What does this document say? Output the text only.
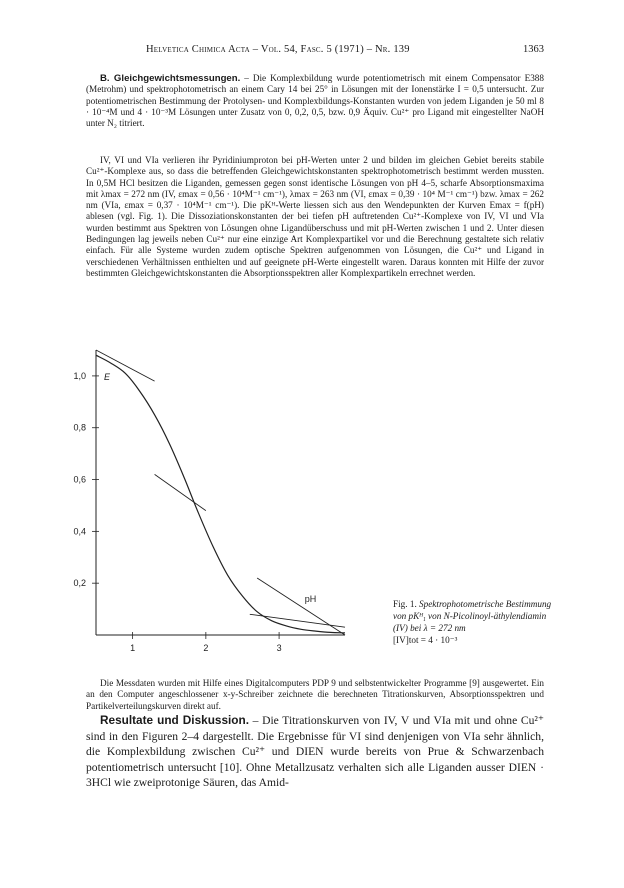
Helvetica Chimica Acta – Vol. 54, Fasc. 5 (1971) – Nr. 139	1363

B. Gleichgewichtsmessungen. – Die Komplexbildung wurde potentiometrisch mit einem Compensator E388 (Metrohm) und spektrophotometrisch an einem Cary 14 bei 25° in Lösungen mit der Ionenstärke I = 0,5 untersucht. Zur potentiometrischen Bestimmung der Protolysen- und Komplexbildungs-Konstanten wurden von jedem Liganden je 50 ml 8 · 10⁻⁴M und 4 · 10⁻³M Lösungen unter Zusatz von 0, 0,2, 0,5, bzw. 0,9 Äquiv. Cu²⁺ pro Ligand mit eingestellter NaOH unter N₂ titriert.

IV, VI und VIa verlieren ihr Pyridiniumproton bei pH-Werten unter 2 und bilden im gleichen Gebiet bereits stabile Cu²⁺-Komplexe aus, so dass die betreffenden Gleichgewichtskonstanten spektrophotometrisch bestimmt werden mussten. In 0,5M HCl besitzen die Liganden, gemessen gegen sonst identische Lösungen von pH 4–5, scharfe Absorptionsmaxima mit λmax = 272 nm (IV, εmax = 0,56 · 10⁴M⁻¹ cm⁻¹), λmax = 263 nm (VI, εmax = 0,39 · 10⁴ M⁻¹ cm⁻¹) bzw. λmax = 262 nm (VIa, εmax = 0,37 · 10⁴M⁻¹ cm⁻¹). Die pKᴴ-Werte liessen sich aus den Wendepunkten der Kurven Emax = f(pH) ablesen (vgl. Fig. 1). Die Dissoziationskonstanten der bei tiefen pH auftretenden Cu²⁺-Komplexe von IV, VI und VIa wurden bestimmt aus Spektren von Lösungen ohne Ligandüberschuss und mit pH-Werten zwischen 1 und 2. Unter diesen Bedingungen lag jeweils neben Cu²⁺ nur eine einzige Art Komplexpartikel vor und die Berechnung gestaltete sich relativ einfach. Für alle Systeme wurden zudem optische Spektren aufgenommen von Lösungen, die Cu²⁺ und Ligand in verschiedenen Verhältnissen enthielten und auf geeignete pH-Werte eingestellt waren. Daraus konnten mit Hilfe der zuvor bestimmten Gleichgewichtskonstanten die Absorptionsspektren aller Komplexpartikeln errechnet werden.

1,0
0,8
0,6
0,4
0,2
1	2	3
E
pH	Fig. 1. Spektrophotometrische Bestimmung von pKᴴ₁ von N-Picolinoyl-äthylendiamin (IV) bei λ = 272 nm
[IV]tot = 4 · 10⁻³

Die Messdaten wurden mit Hilfe eines Digitalcomputers PDP 9 und selbstentwickelter Programme [9] ausgewertet. Ein an den Computer angeschlossener x-y-Schreiber zeichnete die berechneten Titrationskurven, Absorptionsspektren und Partikelverteilungskurven direkt auf.

Resultate und Diskussion. – Die Titrationskurven von IV, V und VIa mit und ohne Cu²⁺ sind in den Figuren 2–4 dargestellt. Die Ergebnisse für VI sind denjenigen von VIa sehr ähnlich, die Komplexbildung zwischen Cu²⁺ und DIEN wurde bereits von Prue & Schwarzenbach potentiometrisch untersucht [10]. Ohne Metallzusatz verhalten sich alle Liganden ausser DIEN · 3HCl wie zweiprotonige Säuren, das Amid-
